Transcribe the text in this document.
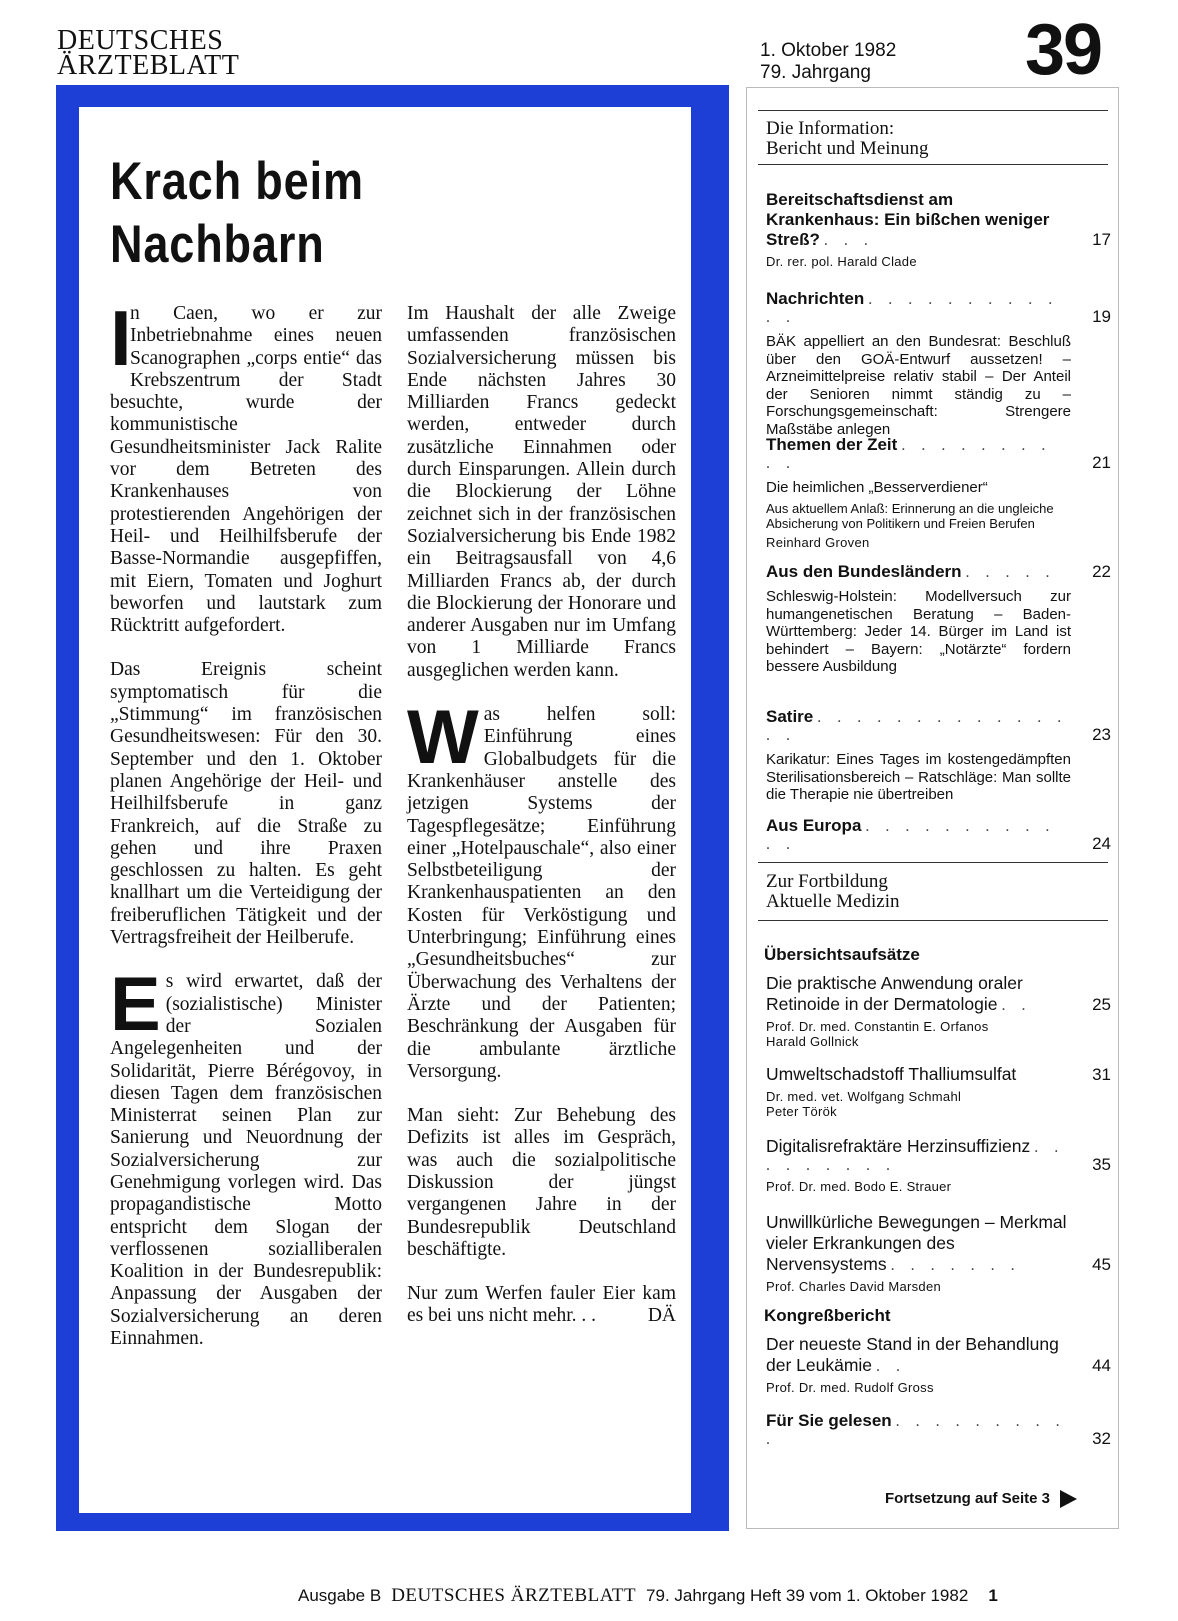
DEUTSCHES
ÄRZTEBLATT	1. Oktober 1982
79. Jahrgang	39
Krach beim
Nachbarn

I
n Caen, wo er zur Inbetriebnahme eines neuen Scanographen „corps entie“ das Krebszentrum der Stadt besuchte, wurde der kommunistische Gesundheitsminister Jack Ralite vor dem Betreten des Krankenhauses von protestierenden Angehörigen der Heil- und Heilhilfsberufe der Basse-Normandie ausgepfiffen, mit Eiern, Tomaten und Joghurt beworfen und lautstark zum Rücktritt aufgefordert.

Das Ereignis scheint symptomatisch für die „Stimmung“ im französischen Gesundheitswesen: Für den 30. September und den 1. Oktober planen Angehörige der Heil- und Heilhilfsberufe in ganz Frankreich, auf die Straße zu gehen und ihre Praxen geschlossen zu halten. Es geht knallhart um die Verteidigung der freiberuflichen Tätigkeit und der Vertragsfreiheit der Heilberufe.

Es wird erwartet, daß der (sozialistische) Minister der Sozialen Angelegenheiten und der Solidarität, Pierre Bérégovoy, in diesen Tagen dem französischen Ministerrat seinen Plan zur Sanierung und Neuordnung der Sozialversicherung zur Genehmigung vorlegen wird. Das propagandistische Motto entspricht dem Slogan der verflossenen sozialliberalen Koalition in der Bundesrepublik: Anpassung der Ausgaben der Sozialversicherung an deren Einnahmen.

Im Haushalt der alle Zweige umfassenden französischen Sozialversicherung müssen bis Ende nächsten Jahres 30 Milliarden Francs gedeckt werden, entweder durch zusätzliche Einnahmen oder durch Einsparungen. Allein durch die Blockierung der Löhne zeichnet sich in der französischen Sozialversicherung bis Ende 1982 ein Beitragsausfall von 4,6 Milliarden Francs ab, der durch die Blockierung der Honorare und anderer Ausgaben nur im Umfang von 1 Milliarde Francs ausgeglichen werden kann.

Was helfen soll: Einführung eines Globalbudgets für die Krankenhäuser anstelle des jetzigen Systems der Tagespflegesätze; Einführung einer „Hotelpauschale“, also einer Selbstbeteiligung der Krankenhauspatienten an den Kosten für Verköstigung und Unterbringung; Einführung eines „Gesundheitsbuches“ zur Überwachung des Verhaltens der Ärzte und der Patienten; Beschränkung der Ausgaben für die ambulante ärztliche Versorgung.

Man sieht: Zur Behebung des Defizits ist alles im Gespräch, was auch die sozialpolitische Diskussion der jüngst vergangenen Jahre in der Bundesrepublik Deutschland beschäftigte.

Nur zum Werfen fauler Eier kam es bei uns nicht mehr. . .	DÄ

Die Information:
Bericht und Meinung
Bereitschaftsdienst am Krankenhaus: Ein bißchen weniger Streß? . . .	17
Dr. rer. pol. Harald Clade
Nachrichten . . . . . . . . . . . .	19
BÄK appelliert an den Bundesrat: Beschluß über den GOÄ-Entwurf aussetzen! – Arzneimittelpreise relativ stabil – Der Anteil der Senioren nimmt ständig zu – Forschungsgemeinschaft: Strengere Maßstäbe anlegen
Themen der Zeit . . . . . . . . . .	21
Die heimlichen „Besserverdiener“
Aus aktuellem Anlaß: Erinnerung an die ungleiche Absicherung von Politikern und Freien Berufen
Reinhard Groven
Aus den Bundesländern . . . . . 22
Schleswig-Holstein: Modellversuch zur humangenetischen Beratung – Baden-Württemberg: Jeder 14. Bürger im Land ist behindert – Bayern: „Notärzte“ fordern bessere Ausbildung
Satire . . . . . . . . . . . . . . .	23
Karikatur: Eines Tages im kostengedämpften Sterilisationsbereich – Ratschläge: Man sollte die Therapie nie übertreiben
Aus Europa . . . . . . . . . . . .	24
Zur Fortbildung
Aktuelle Medizin
Übersichtsaufsätze
Die praktische Anwendung oraler Retinoide in der Dermatologie . .	25
Prof. Dr. med. Constantin E. Orfanos
Harald Gollnick
Umweltschadstoff Thalliumsulfat	31
Dr. med. vet. Wolfgang Schmahl
Peter Török
Digitalisrefraktäre Herzinsuffizienz . . . . . . . . .	35
Prof. Dr. med. Bodo E. Strauer
Unwillkürliche Bewegungen – Merkmal vieler Erkrankungen des Nervensystems . . . . . . .	45
Prof. Charles David Marsden
Kongreßbericht
Der neueste Stand in der Behandlung der Leukämie . .	44
Prof. Dr. med. Rudolf Gross
Für Sie gelesen . . . . . . . . . .	32
Fortsetzung auf Seite 3
Ausgabe B DEUTSCHES ÄRZTEBLATT 79. Jahrgang Heft 39 vom 1. Oktober 1982 1
